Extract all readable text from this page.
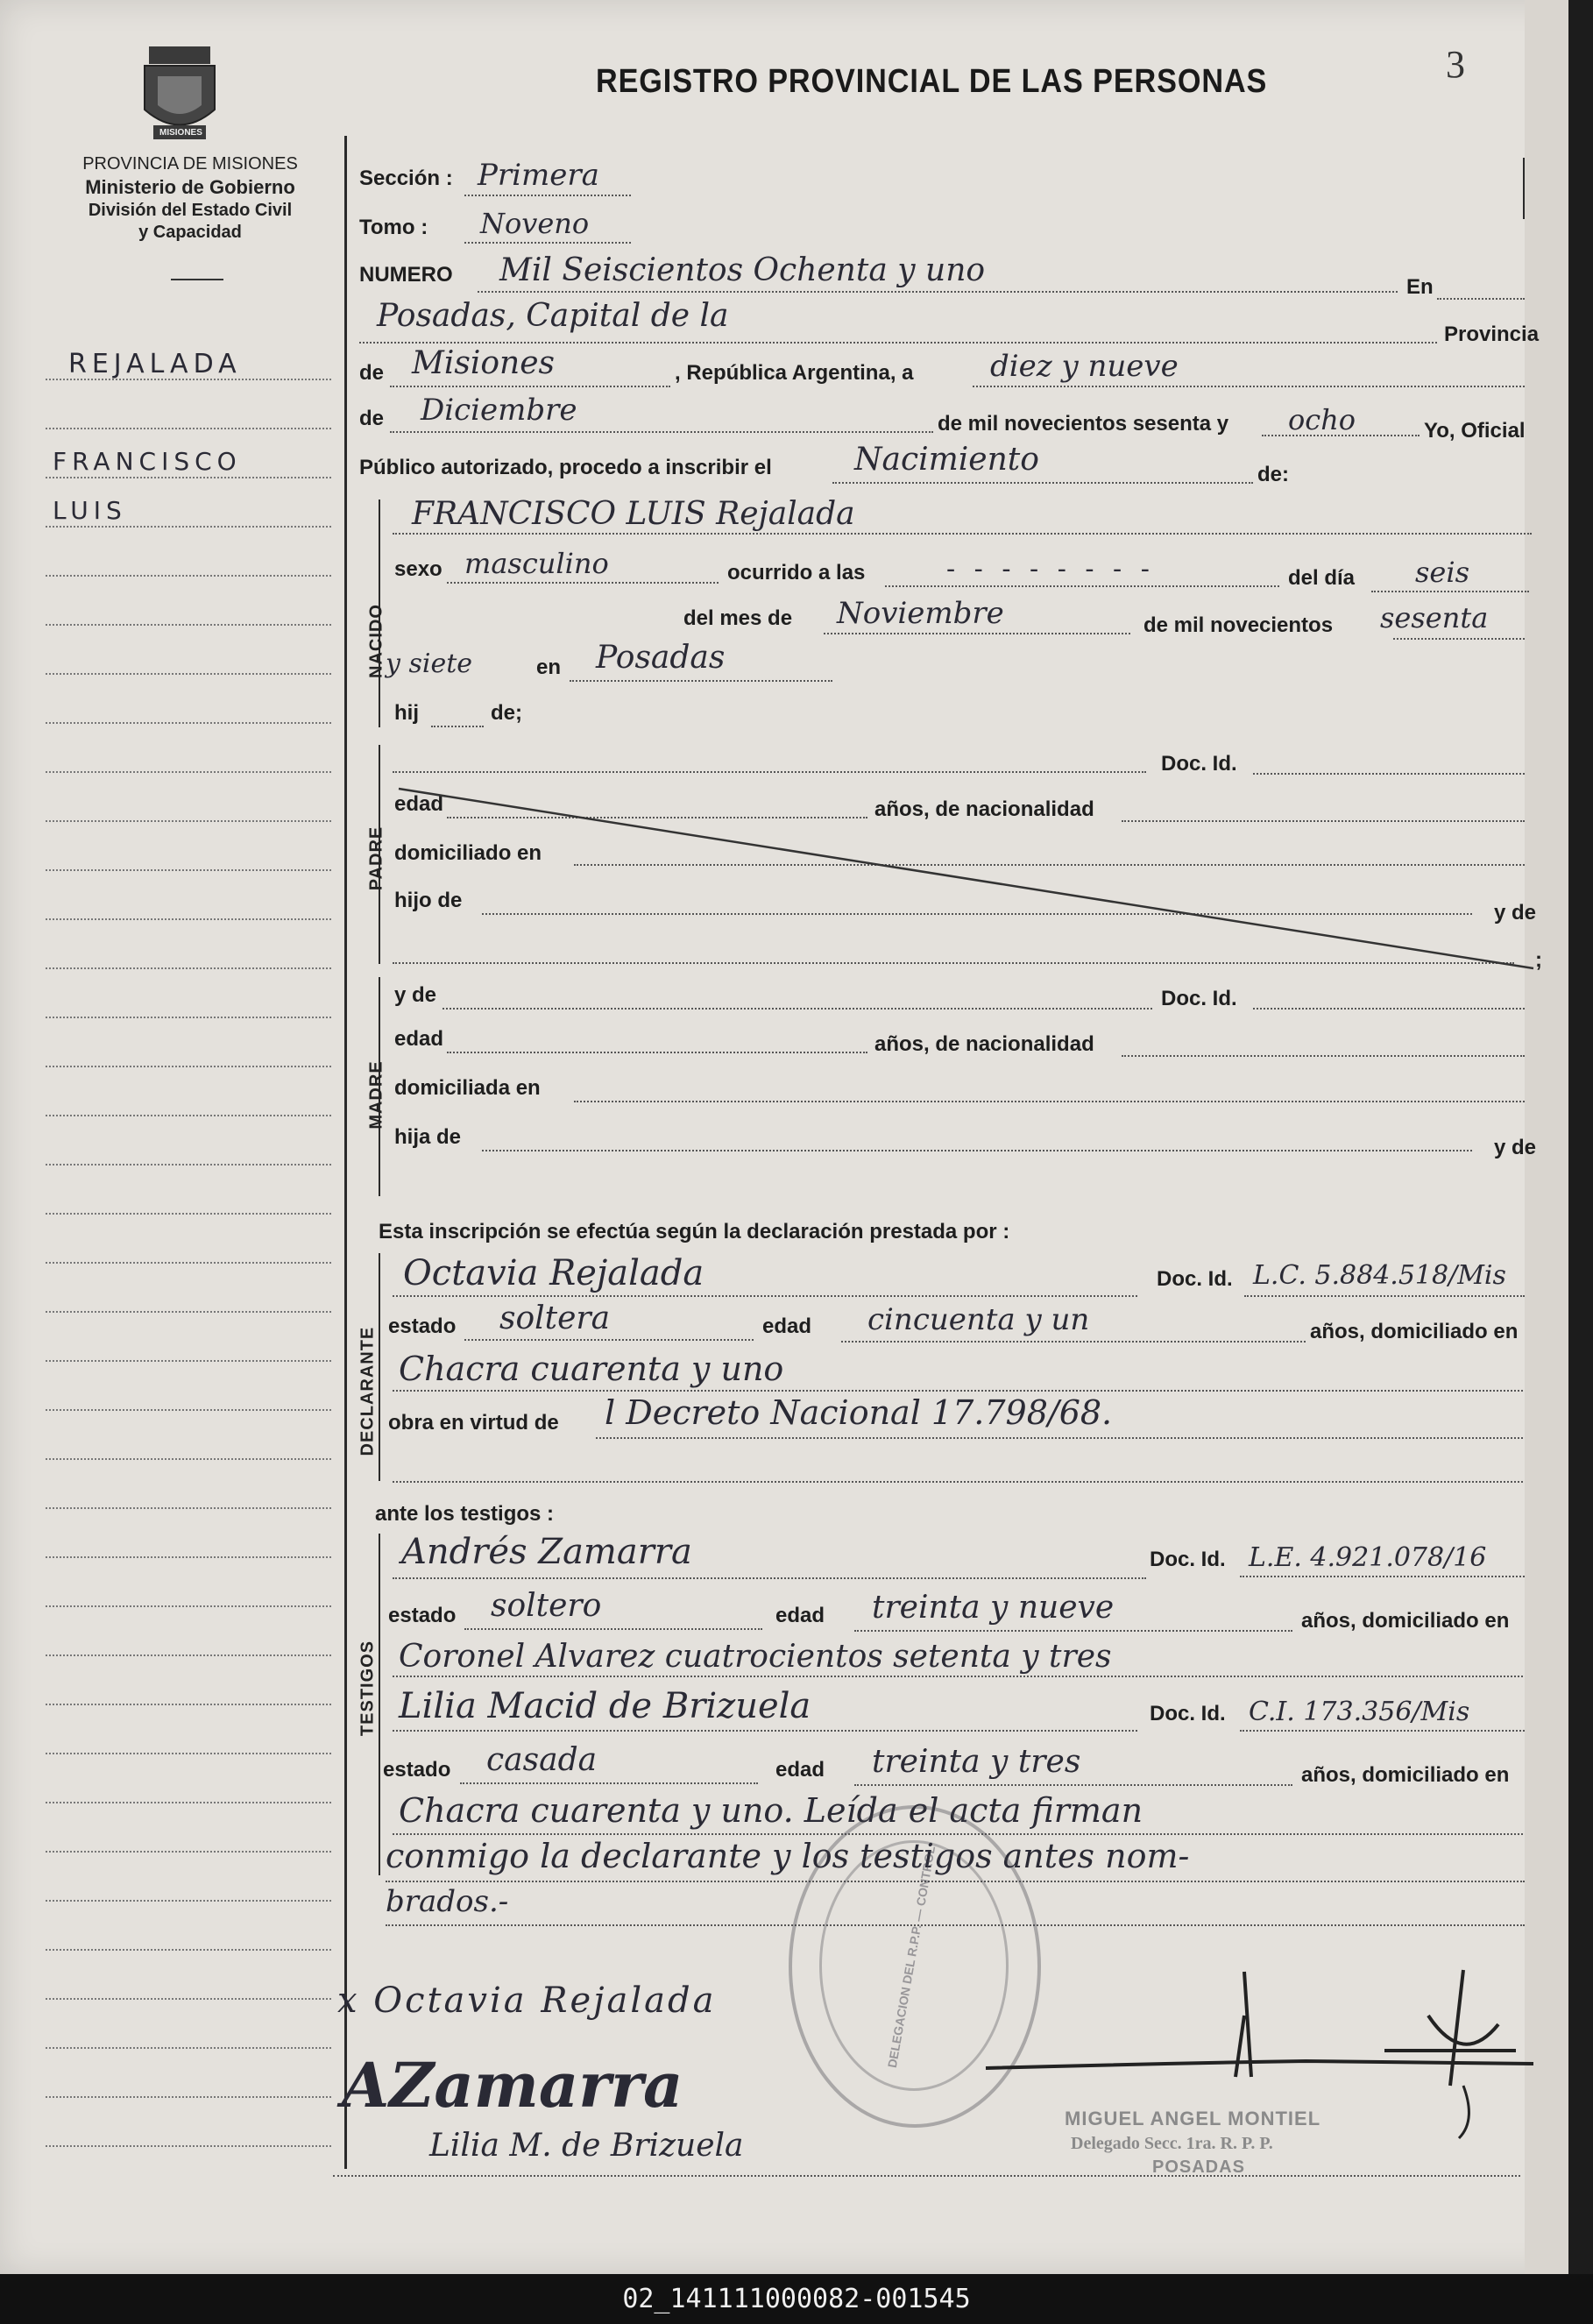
MISIONES
REGISTRO PROVINCIAL DE LAS PERSONAS	3
PROVINCIA DE MISIONES
Ministerio de Gobierno
División del Estado Civil
y Capacidad
REJALADA
FRANCISCO
LUIS
Sección : Primera
Tomo : Noveno
NUMERO Mil Seiscientos Ochenta y uno	En
Posadas, Capital de la
Provincia
de Misiones	, República Argentina, a	diez y nueve
de Diciembre	de mil novecientos sesenta y ocho	Yo, Oficial
Público autorizado, procedo a inscribir el	Nacimiento	de:
NACIDO
FRANCISCO LUIS Rejalada
sexo masculino	ocurrido a las	- - - - - - - -	del día seis
del mes de Noviembre	de mil novecientos sesenta
y siete	en Posadas
hij	de;
PADRE
Doc. Id.
edad	años, de nacionalidad
domiciliado en
hijo de
y de
;
MADRE
y de	Doc. Id.
edad	años, de nacionalidad
domiciliada en
hija de	y de
Esta inscripción se efectúa según la declaración prestada por :
DECLARANTE
Octavia Rejalada	Doc. Id. L.C. 5.884.518/Mis
estado soltera	edad cincuenta y un	años, domiciliado en
Chacra cuarenta y uno
obra en virtud de l Decreto Nacional 17.798/68.
ante los testigos :
TESTIGOS
Andrés Zamarra	Doc. Id. L.E. 4.921.078/16
estado soltero	edad treinta y nueve	años, domiciliado en
Coronel Alvarez cuatrocientos setenta y tres
Lilia Macid de Brizuela	Doc. Id. C.I. 173.356/Mis
estado casada	edad treinta y tres	años, domiciliado en
Chacra cuarenta y uno. Leída el acta firman
conmigo la declarante y los testigos antes nom-
brados.-	DELEGACION DEL R.P.P. — CONTROL
x Octavia Rejalada
AZamarra
Lilia M. de Brizuela
MIGUEL ANGEL MONTIEL
Delegado Secc. 1ra. R. P. P.
POSADAS
02_141111000082-001545
